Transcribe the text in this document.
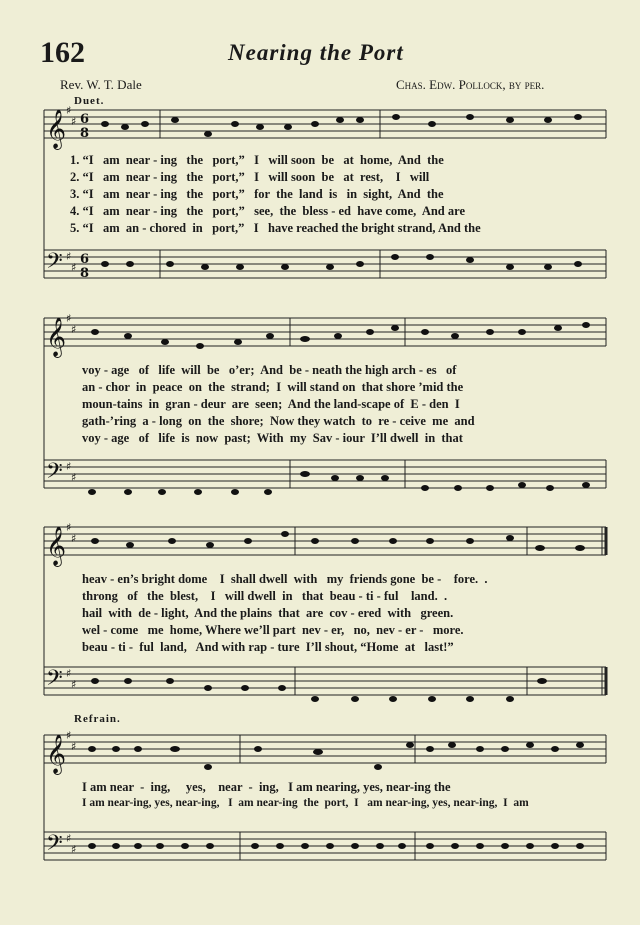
162	Nearing the Port
Rev. W. T. Dale	Chas. Edw. Pollock, by per.
Duet.
Refrain.
𝄞
𝄢
𝄞
𝄢
𝄞
𝄢
𝄞
𝄢
♯
♯
♯
♯
♯
♯
♯
♯
♯
♯
♯
♯
♯
♯
♯
♯
6
8
6
8
1. “I   am  near - ing   the   port,”   I   will soon  be   at  home,  And  the
2. “I   am  near - ing   the   port,”   I   will soon  be   at  rest,    I   will
3. “I   am  near - ing   the   port,”   for  the  land  is   in  sight,  And  the
4. “I   am  near - ing   the   port,”   see,  the  bless - ed  have come,  And are
5. “I   am  an - chored  in   port,”   I   have reached the bright strand, And the
voy - age   of   life  will  be   o’er;  And  be - neath the high arch - es   of
an - chor  in  peace  on  the  strand;  I  will stand on  that shore ’mid the
moun-tains  in  gran - deur  are  seen;  And the land-scape of  E - den  I
gath-’ring  a - long  on  the  shore;  Now they watch  to  re - ceive  me  and
voy - age   of   life  is  now  past;  With  my  Sav - iour  I’ll dwell  in  that
heav - en’s bright dome    I  shall dwell  with   my  friends gone  be -    fore.  .
throng   of   the  blest,    I   will dwell  in   that  beau - ti - ful    land.  .
hail  with  de - light,  And the plains  that  are  cov - ered  with   green.
wel - come   me  home, Where we’ll part  nev - er,   no,  nev - er -   more.
beau - ti -  ful  land,   And with rap - ture  I’ll shout, “Home  at   last!”
I am near  -  ing,     yes,    near  -  ing,   I am nearing, yes, near-ing the
I am near-ing, yes, near-ing,   I  am near-ing  the  port,  I   am near-ing, yes, near-ing,  I  am
